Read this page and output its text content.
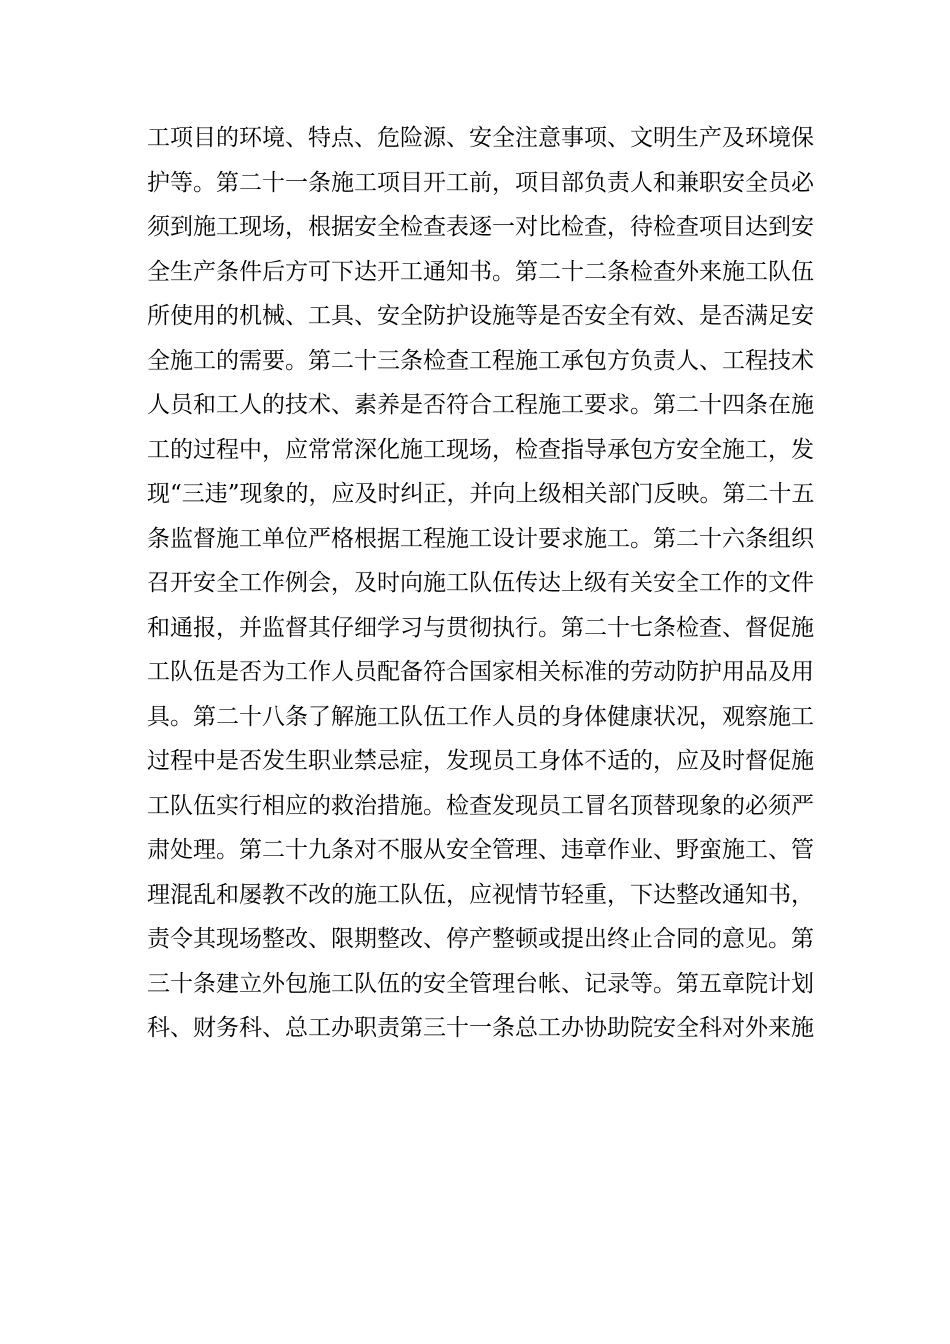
工项目的环境、特点、危险源、安全注意事项、文明生产及环境保
护等。第二十一条施工项目开工前，项目部负责人和兼职安全员必
须到施工现场，根据安全检查表逐一对比检查，待检查项目达到安
全生产条件后方可下达开工通知书。第二十二条检查外来施工队伍
所使用的机械、工具、安全防护设施等是否安全有效、是否满足安
全施工的需要。第二十三条检查工程施工承包方负责人、工程技术
人员和工人的技术、素养是否符合工程施工要求。第二十四条在施
工的过程中，应常常深化施工现场，检查指导承包方安全施工，发
现“三违”现象的，应及时纠正，并向上级相关部门反映。第二十五
条监督施工单位严格根据工程施工设计要求施工。第二十六条组织
召开安全工作例会，及时向施工队伍传达上级有关安全工作的文件
和通报，并监督其仔细学习与贯彻执行。第二十七条检查、督促施
工队伍是否为工作人员配备符合国家相关标准的劳动防护用品及用
具。第二十八条了解施工队伍工作人员的身体健康状况，观察施工
过程中是否发生职业禁忌症，发现员工身体不适的，应及时督促施
工队伍实行相应的救治措施。检查发现员工冒名顶替现象的必须严
肃处理。第二十九条对不服从安全管理、违章作业、野蛮施工、管
理混乱和屡教不改的施工队伍，应视情节轻重，下达整改通知书，
责令其现场整改、限期整改、停产整顿或提出终止合同的意见。第
三十条建立外包施工队伍的安全管理台帐、记录等。第五章院计划
科、财务科、总工办职责第三十一条总工办协助院安全科对外来施
